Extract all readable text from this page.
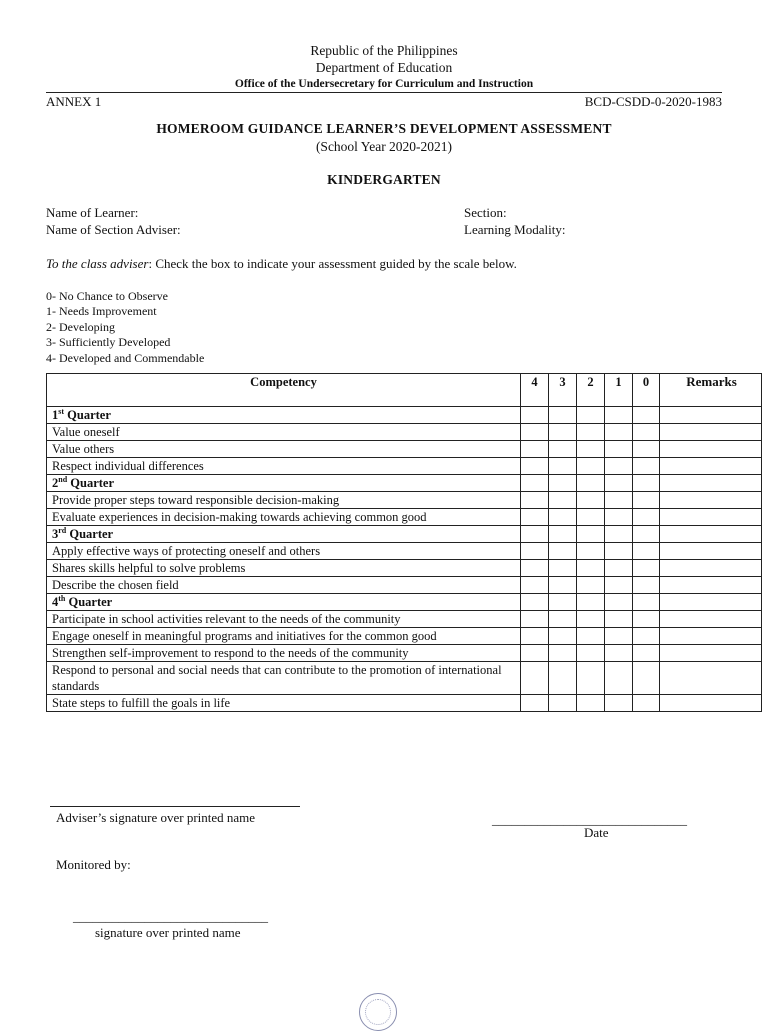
Republic of the Philippines
Department of Education
Office of the Undersecretary for Curriculum and Instruction
ANNEX 1	BCD-CSDD-0-2020-1983
HOMEROOM GUIDANCE LEARNER’S DEVELOPMENT ASSESSMENT
(School Year 2020-2021)
KINDERGARTEN
Name of Learner:	Section:
Name of Section Adviser:	Learning Modality:
To the class adviser: Check the box to indicate your assessment guided by the scale below.
0- No Chance to Observe
1- Needs Improvement
2- Developing
3- Sufficiently Developed
4- Developed and Commendable
Competency	4	3	2	1	0	Remarks
1st Quarter						
Value oneself						
Value others						
Respect individual differences						
2nd Quarter						
Provide proper steps toward responsible decision-making						
Evaluate experiences in decision-making towards achieving common good						
3rd Quarter						
Apply effective ways of protecting oneself and others						
Shares skills helpful to solve problems						
Describe the chosen field						
4th Quarter						
Participate in school activities relevant to the needs of the community						
Engage oneself in meaningful programs and initiatives for the common good						
Strengthen self-improvement to respond to the needs of the community						
Respond to personal and social needs that can contribute to the promotion of international standards						
State steps to fulfill the goals in life						
Adviser’s signature over printed name	______________________________
Date
Monitored by:
______________________________
signature over printed name
